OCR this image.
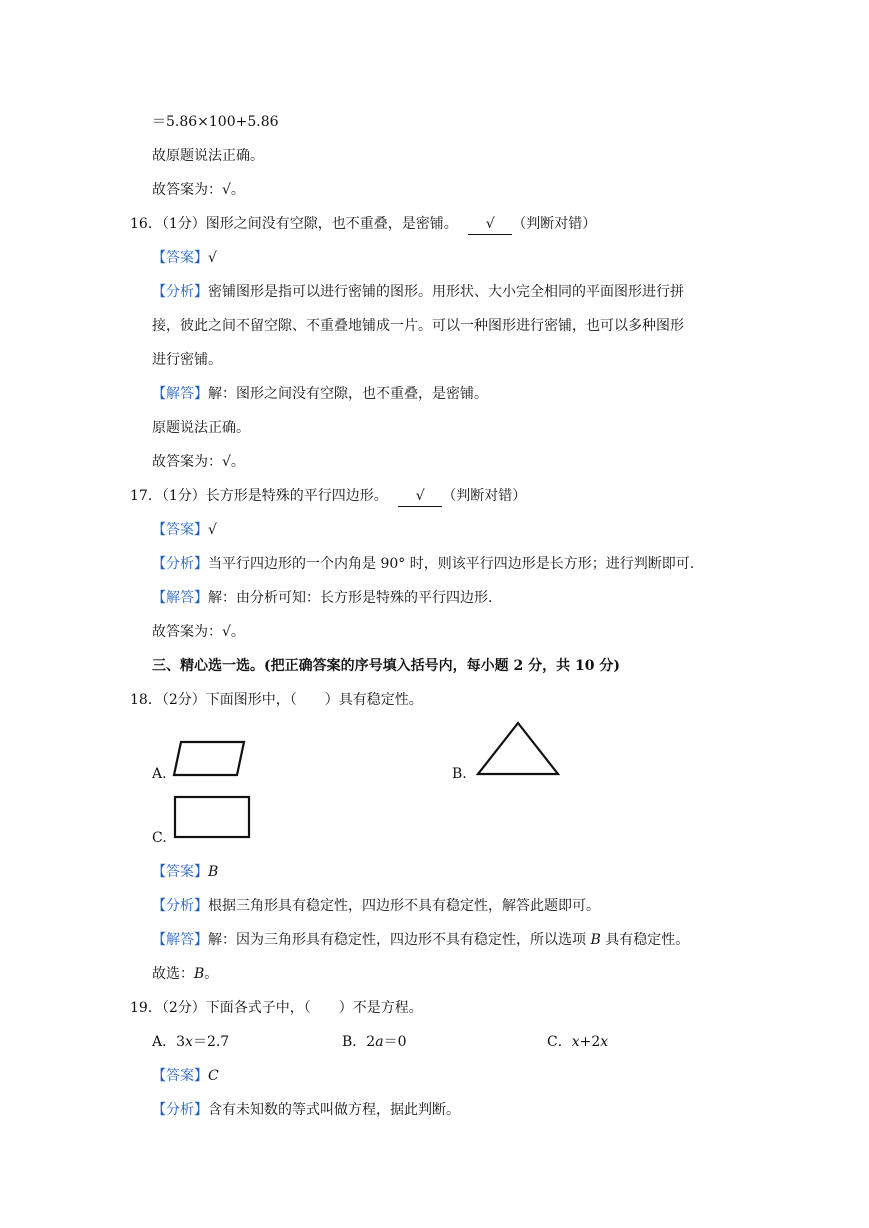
＝5.86×100+5.86
故原题说法正确。
故答案为：√。
16．（1分）图形之间没有空隙，也不重叠，是密铺。 √ （判断对错）
【答案】√
【分析】密铺图形是指可以进行密铺的图形。用形状、大小完全相同的平面图形进行拼
接，彼此之间不留空隙、不重叠地铺成一片。可以一种图形进行密铺，也可以多种图形
进行密铺。
【解答】解：图形之间没有空隙，也不重叠，是密铺。
原题说法正确。
故答案为：√。
17．（1分）长方形是特殊的平行四边形。 √ （判断对错）
【答案】√
【分析】当平行四边形的一个内角是 90° 时，则该平行四边形是长方形；进行判断即可.
【解答】解：由分析可知：长方形是特殊的平行四边形.
故答案为：√。
三、精心选一选。(把正确答案的序号填入括号内，每小题 2 分，共 10 分)
18．（2分）下面图形中，（　　）具有稳定性。
A.	B.
C.
【答案】B
【分析】根据三角形具有稳定性，四边形不具有稳定性，解答此题即可。
【解答】解：因为三角形具有稳定性，四边形不具有稳定性，所以选项 B 具有稳定性。
故选：B。
19．（2分）下面各式子中，（　　）不是方程。
A．3x＝2.7	B．2a＝0	C．x+2x
【答案】C
【分析】含有未知数的等式叫做方程，据此判断。
